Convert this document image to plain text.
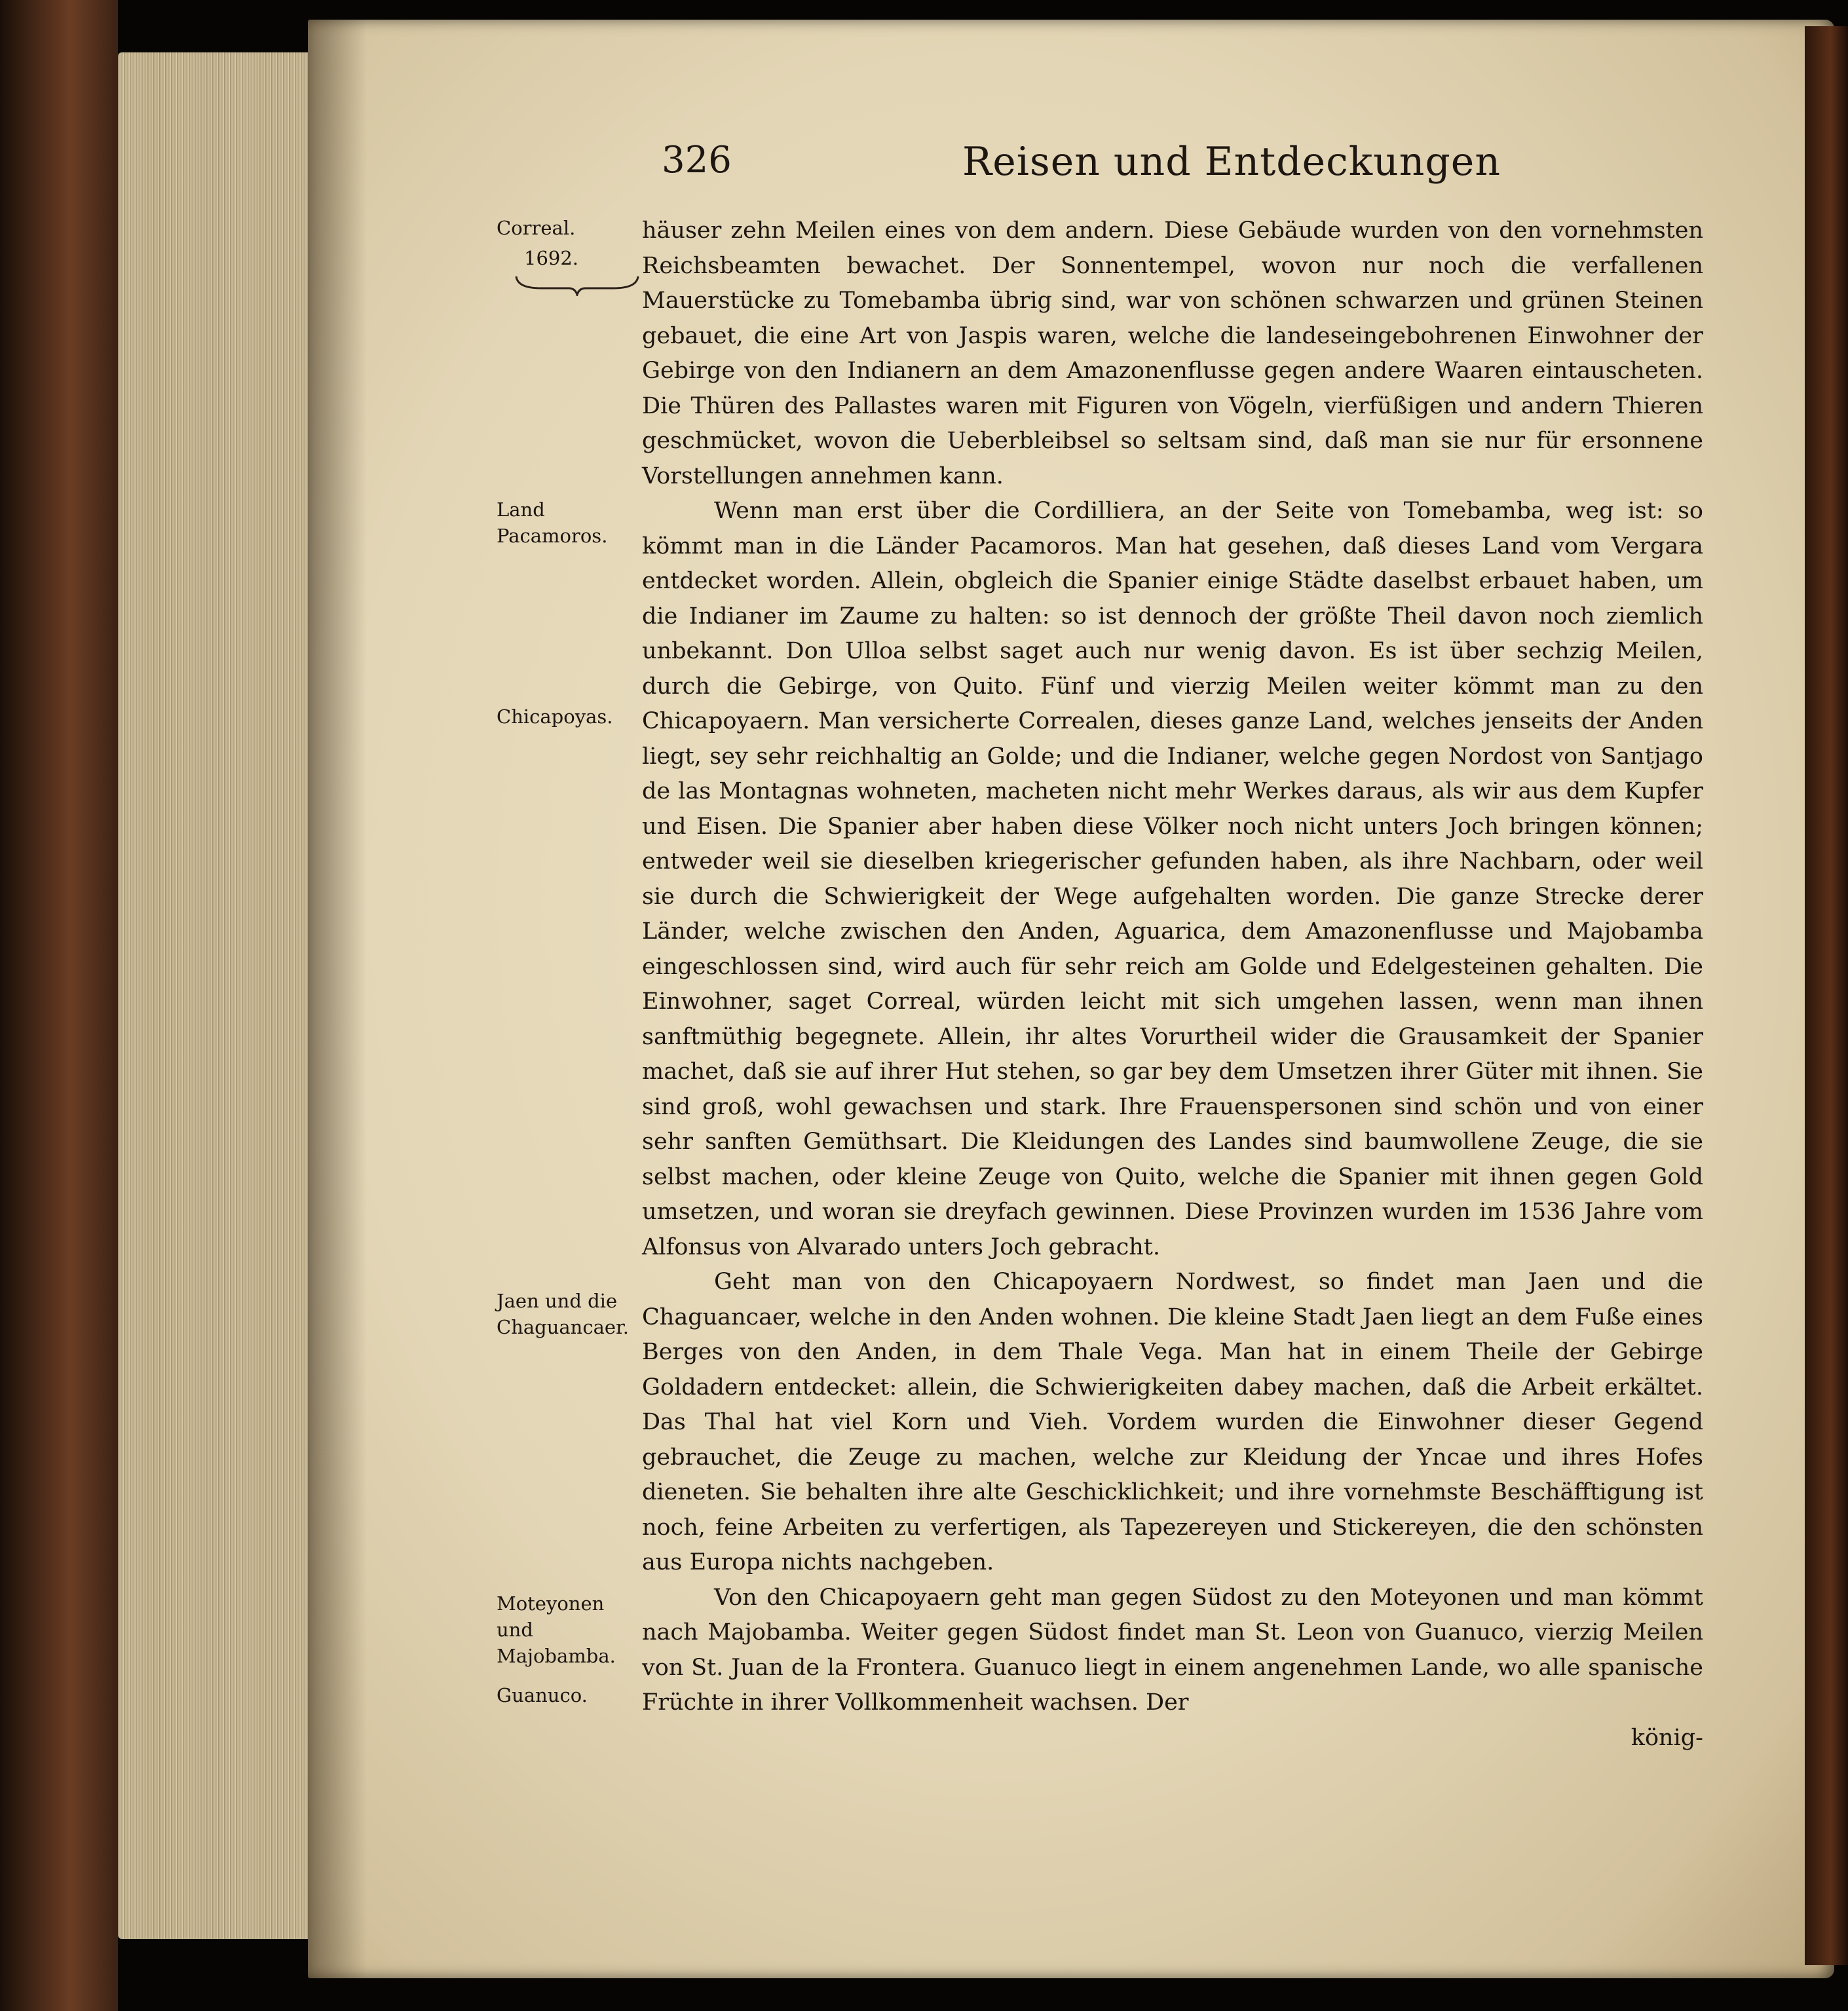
326	Reisen und Entdeckungen
Correal.
1692.
Land Pacamoros.
Chicapoyas.
Jaen und die Chaguancaer.
Moteyonen und Majobamba.
Guanuco.

häuser zehn Meilen eines von dem andern. Diese Gebäude wurden von den vornehmsten Reichsbeamten bewachet. Der Sonnentempel, wovon nur noch die verfallenen Mauerstücke zu Tomebamba übrig sind, war von schönen schwarzen und grünen Steinen gebauet, die eine Art von Jaspis waren, welche die landeseingebohrenen Einwohner der Gebirge von den Indianern an dem Amazonenflusse gegen andere Waaren eintauscheten. Die Thüren des Pallastes waren mit Figuren von Vögeln, vierfüßigen und andern Thieren geschmücket, wovon die Ueberbleibsel so seltsam sind, daß man sie nur für ersonnene Vorstellungen annehmen kann.

Wenn man erst über die Cordilliera, an der Seite von Tomebamba, weg ist: so kömmt man in die Länder Pacamoros. Man hat gesehen, daß dieses Land vom Vergara entdecket worden. Allein, obgleich die Spanier einige Städte daselbst erbauet haben, um die Indianer im Zaume zu halten: so ist dennoch der größte Theil davon noch ziemlich unbekannt. Don Ulloa selbst saget auch nur wenig davon. Es ist über sechzig Meilen, durch die Gebirge, von Quito. Fünf und vierzig Meilen weiter kömmt man zu den Chicapoyaern. Man versicherte Correalen, dieses ganze Land, welches jenseits der Anden liegt, sey sehr reichhaltig an Golde; und die Indianer, welche gegen Nordost von Santjago de las Montagnas wohneten, macheten nicht mehr Werkes daraus, als wir aus dem Kupfer und Eisen. Die Spanier aber haben diese Völker noch nicht unters Joch bringen können; entweder weil sie dieselben kriegerischer gefunden haben, als ihre Nachbarn, oder weil sie durch die Schwierigkeit der Wege aufgehalten worden. Die ganze Strecke derer Länder, welche zwischen den Anden, Aguarica, dem Amazonenflusse und Majobamba eingeschlossen sind, wird auch für sehr reich am Golde und Edelgesteinen gehalten. Die Einwohner, saget Correal, würden leicht mit sich umgehen lassen, wenn man ihnen sanftmüthig begegnete. Allein, ihr altes Vorurtheil wider die Grausamkeit der Spanier machet, daß sie auf ihrer Hut stehen, so gar bey dem Umsetzen ihrer Güter mit ihnen. Sie sind groß, wohl gewachsen und stark. Ihre Frauenspersonen sind schön und von einer sehr sanften Gemüthsart. Die Kleidungen des Landes sind baumwollene Zeuge, die sie selbst machen, oder kleine Zeuge von Quito, welche die Spanier mit ihnen gegen Gold umsetzen, und woran sie dreyfach gewinnen. Diese Provinzen wurden im 1536 Jahre vom Alfonsus von Alvarado unters Joch gebracht.

Geht man von den Chicapoyaern Nordwest, so findet man Jaen und die Chaguancaer, welche in den Anden wohnen. Die kleine Stadt Jaen liegt an dem Fuße eines Berges von den Anden, in dem Thale Vega. Man hat in einem Theile der Gebirge Goldadern entdecket: allein, die Schwierigkeiten dabey machen, daß die Arbeit erkältet. Das Thal hat viel Korn und Vieh. Vordem wurden die Einwohner dieser Gegend gebrauchet, die Zeuge zu machen, welche zur Kleidung der Yncae und ihres Hofes dieneten. Sie behalten ihre alte Geschicklichkeit; und ihre vornehmste Beschäfftigung ist noch, feine Arbeiten zu verfertigen, als Tapezereyen und Stickereyen, die den schönsten aus Europa nichts nachgeben.

Von den Chicapoyaern geht man gegen Südost zu den Moteyonen und man kömmt nach Majobamba. Weiter gegen Südost findet man St. Leon von Guanuco, vierzig Meilen von St. Juan de la Frontera. Guanuco liegt in einem angenehmen Lande, wo alle spanische Früchte in ihrer Vollkommenheit wachsen. Der

könig-
